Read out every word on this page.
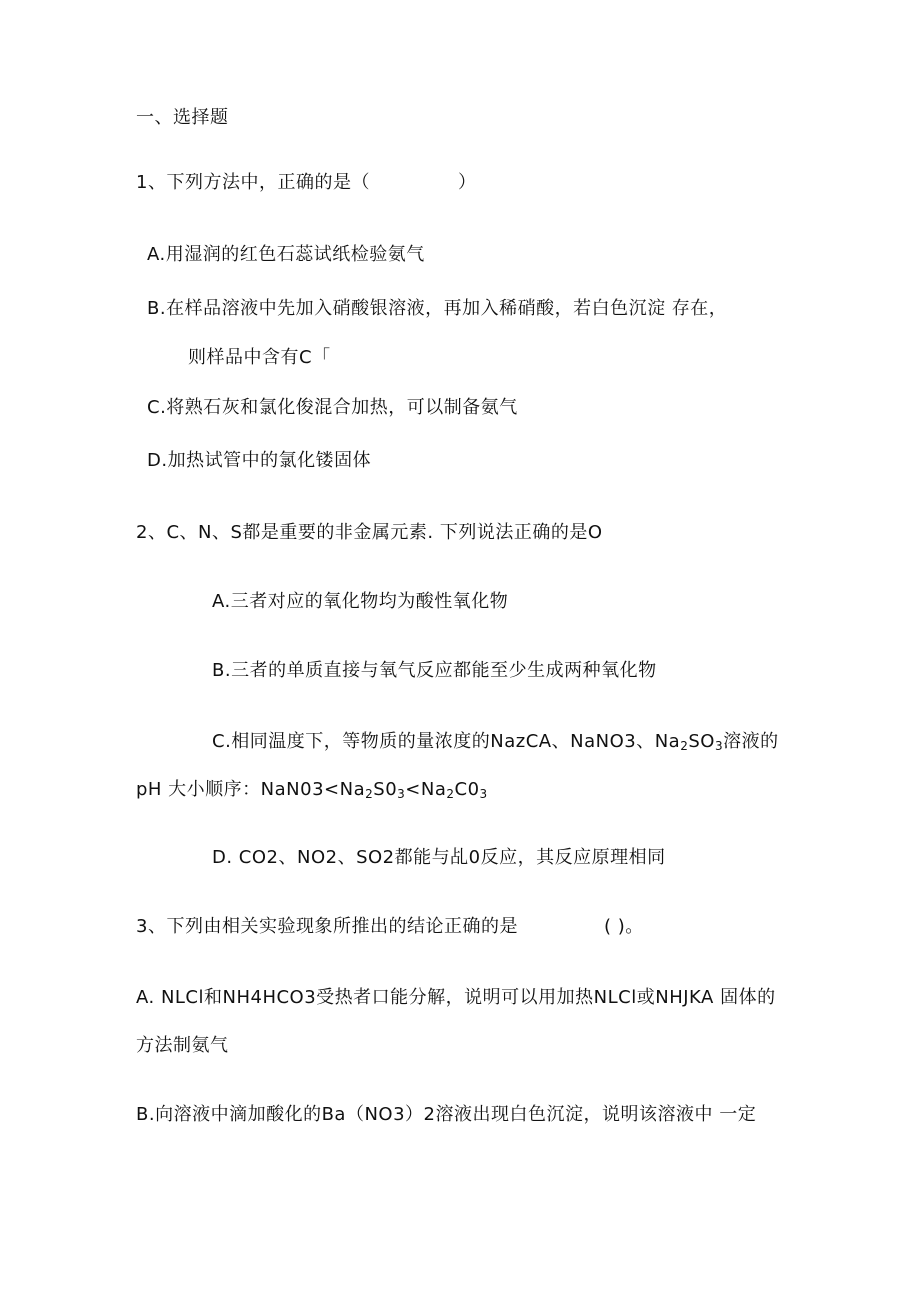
一、选择题
1、下列方法中，正确的是（	）
A.用湿润的红色石蕊试纸检验氨气
B.在样品溶液中先加入硝酸银溶液，再加入稀硝酸，若白色沉淀 存在，
则样品中含有C「
C.将熟石灰和氯化俊混合加热，可以制备氨气
D.加热试管中的氯化镂固体
2、C、N、S都是重要的非金属元素. 下列说法正确的是O
A.三者对应的氧化物均为酸性氧化物
B.三者的单质直接与氧气反应都能至少生成两种氧化物
C.相同温度下，等物质的量浓度的NazCA、NaNO3、$Na_2SO_3$溶液的
pH 大小顺序：$NaN03<Na_2S0_3<Na_2C0_3$
D. CO2、NO2、SO2都能与乩0反应，其反应原理相同
3、下列由相关实验现象所推出的结论正确的是	( )。
A. NLCl和NH4HCO3受热者口能分解，说明可以用加热NLCl或NHJKA 固体的
方法制氨气
B.向溶液中滴加酸化的Ba（NO3）2溶液出现白色沉淀，说明该溶液中 一定
